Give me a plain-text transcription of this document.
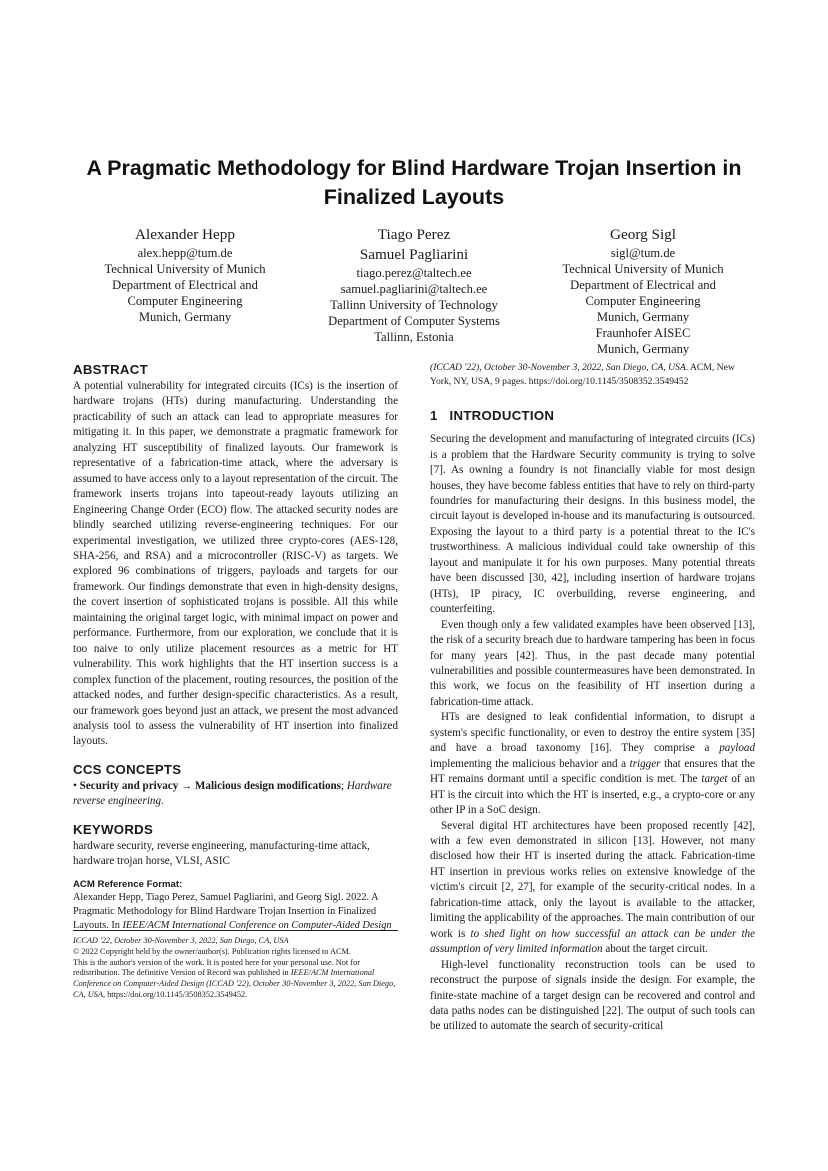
A Pragmatic Methodology for Blind Hardware Trojan Insertion in Finalized Layouts
Alexander Hepp
alex.hepp@tum.de
Technical University of Munich
Department of Electrical and
Computer Engineering
Munich, Germany
Tiago Perez
Samuel Pagliarini
tiago.perez@taltech.ee
samuel.pagliarini@taltech.ee
Tallinn University of Technology
Department of Computer Systems
Tallinn, Estonia
Georg Sigl
sigl@tum.de
Technical University of Munich
Department of Electrical and
Computer Engineering
Munich, Germany
Fraunhofer AISEC
Munich, Germany
ABSTRACT

A potential vulnerability for integrated circuits (ICs) is the insertion of hardware trojans (HTs) during manufacturing. Understanding the practicability of such an attack can lead to appropriate measures for mitigating it. In this paper, we demonstrate a pragmatic framework for analyzing HT susceptibility of finalized layouts. Our framework is representative of a fabrication-time attack, where the adversary is assumed to have access only to a layout representation of the circuit. The framework inserts trojans into tapeout-ready layouts utilizing an Engineering Change Order (ECO) flow. The attacked security nodes are blindly searched utilizing reverse-engineering techniques. For our experimental investigation, we utilized three crypto-cores (AES-128, SHA-256, and RSA) and a microcontroller (RISC-V) as targets. We explored 96 combinations of triggers, payloads and targets for our framework. Our findings demonstrate that even in high-density designs, the covert insertion of sophisticated trojans is possible. All this while maintaining the original target logic, with minimal impact on power and performance. Furthermore, from our exploration, we conclude that it is too naive to only utilize placement resources as a metric for HT vulnerability. This work highlights that the HT insertion success is a complex function of the placement, routing resources, the position of the attacked nodes, and further design-specific characteristics. As a result, our framework goes beyond just an attack, we present the most advanced analysis tool to assess the vulnerability of HT insertion into finalized layouts.

CCS CONCEPTS

• Security and privacy → Malicious design modifications; Hardware reverse engineering.

KEYWORDS

hardware security, reverse engineering, manufacturing-time attack, hardware trojan horse, VLSI, ASIC

ACM Reference Format:

Alexander Hepp, Tiago Perez, Samuel Pagliarini, and Georg Sigl. 2022. A Pragmatic Methodology for Blind Hardware Trojan Insertion in Finalized Layouts. In IEEE/ACM International Conference on Computer-Aided Design

ICCAD '22, October 30-November 3, 2022, San Diego, CA, USA
© 2022 Copyright held by the owner/author(s). Publication rights licensed to ACM.
This is the author's version of the work. It is posted here for your personal use. Not for redistribution. The definitive Version of Record was published in IEEE/ACM International Conference on Computer-Aided Design (ICCAD '22), October 30-November 3, 2022, San Diego, CA, USA, https://doi.org/10.1145/3508352.3549452.

(ICCAD '22), October 30-November 3, 2022, San Diego, CA, USA. ACM, New York, NY, USA, 9 pages. https://doi.org/10.1145/3508352.3549452

1   INTRODUCTION

Securing the development and manufacturing of integrated circuits (ICs) is a problem that the Hardware Security community is trying to solve [7]. As owning a foundry is not financially viable for most design houses, they have become fabless entities that have to rely on third-party foundries for manufacturing their designs. In this business model, the circuit layout is developed in-house and its manufacturing is outsourced. Exposing the layout to a third party is a potential threat to the IC's trustworthiness. A malicious individual could take ownership of this layout and manipulate it for his own purposes. Many potential threats have been discussed [30, 42], including insertion of hardware trojans (HTs), IP piracy, IC overbuilding, reverse engineering, and counterfeiting.

Even though only a few validated examples have been observed [13], the risk of a security breach due to hardware tampering has been in focus for many years [42]. Thus, in the past decade many potential vulnerabilities and possible countermeasures have been demonstrated. In this work, we focus on the feasibility of HT insertion during a fabrication-time attack.

HTs are designed to leak confidential information, to disrupt a system's specific functionality, or even to destroy the entire system [35] and have a broad taxonomy [16]. They comprise a payload implementing the malicious behavior and a trigger that ensures that the HT remains dormant until a specific condition is met. The target of an HT is the circuit into which the HT is inserted, e.g., a crypto-core or any other IP in a SoC design.

Several digital HT architectures have been proposed recently [42], with a few even demonstrated in silicon [13]. However, not many disclosed how their HT is inserted during the attack. Fabrication-time HT insertion in previous works relies on extensive knowledge of the victim's circuit [2, 27], for example of the security-critical nodes. In a fabrication-time attack, only the layout is available to the attacker, limiting the applicability of the approaches. The main contribution of our work is to shed light on how successful an attack can be under the assumption of very limited information about the target circuit.

High-level functionality reconstruction tools can be used to reconstruct the purpose of signals inside the design. For example, the finite-state machine of a target design can be recovered and control and data paths nodes can be distinguished [22]. The output of such tools can be utilized to automate the search of security-critical
